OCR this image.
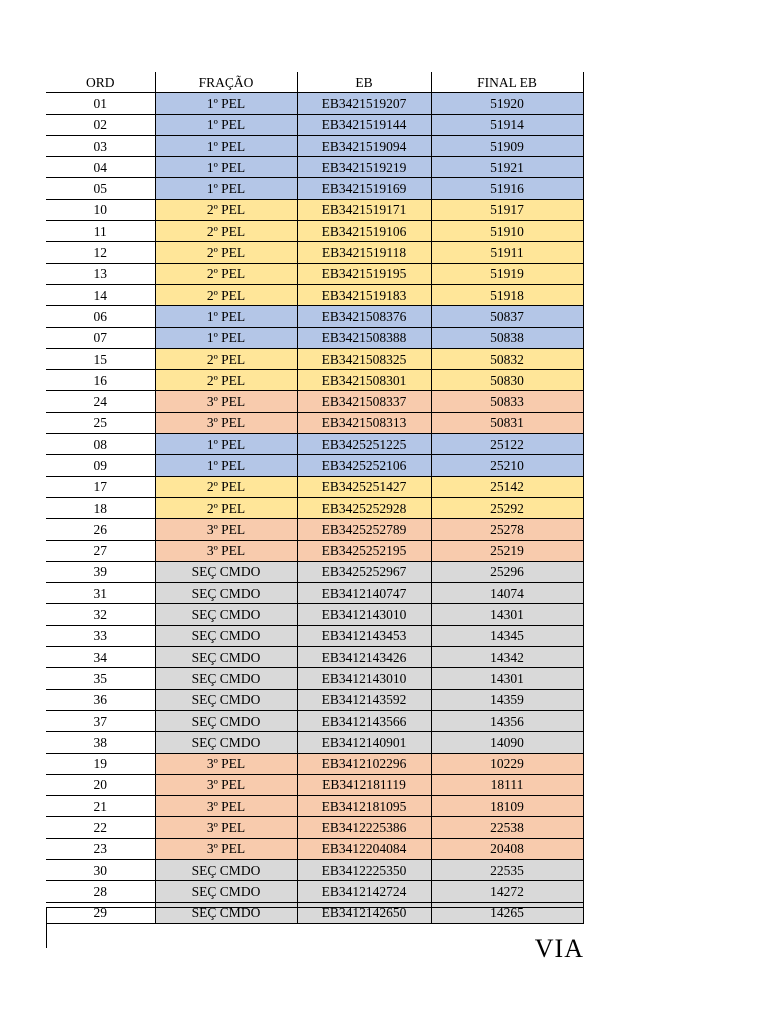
ORD	FRAÇÃO	EB	FINAL EB
01	1º PEL	EB3421519207	51920
02	1º PEL	EB3421519144	51914
03	1º PEL	EB3421519094	51909
04	1º PEL	EB3421519219	51921
05	1º PEL	EB3421519169	51916
10	2º PEL	EB3421519171	51917
11	2º PEL	EB3421519106	51910
12	2º PEL	EB3421519118	51911
13	2º PEL	EB3421519195	51919
14	2º PEL	EB3421519183	51918
06	1º PEL	EB3421508376	50837
07	1º PEL	EB3421508388	50838
15	2º PEL	EB3421508325	50832
16	2º PEL	EB3421508301	50830
24	3º PEL	EB3421508337	50833
25	3º PEL	EB3421508313	50831
08	1º PEL	EB3425251225	25122
09	1º PEL	EB3425252106	25210
17	2º PEL	EB3425251427	25142
18	2º PEL	EB3425252928	25292
26	3º PEL	EB3425252789	25278
27	3º PEL	EB3425252195	25219
39	SEÇ CMDO	EB3425252967	25296
31	SEÇ CMDO	EB3412140747	14074
32	SEÇ CMDO	EB3412143010	14301
33	SEÇ CMDO	EB3412143453	14345
34	SEÇ CMDO	EB3412143426	14342
35	SEÇ CMDO	EB3412143010	14301
36	SEÇ CMDO	EB3412143592	14359
37	SEÇ CMDO	EB3412143566	14356
38	SEÇ CMDO	EB3412140901	14090
19	3º PEL	EB3412102296	10229
20	3º PEL	EB3412181119	18111
21	3º PEL	EB3412181095	18109
22	3º PEL	EB3412225386	22538
23	3º PEL	EB3412204084	20408
30	SEÇ CMDO	EB3412225350	22535
28	SEÇ CMDO	EB3412142724	14272
29	SEÇ CMDO	EB3412142650	14265
VIA
